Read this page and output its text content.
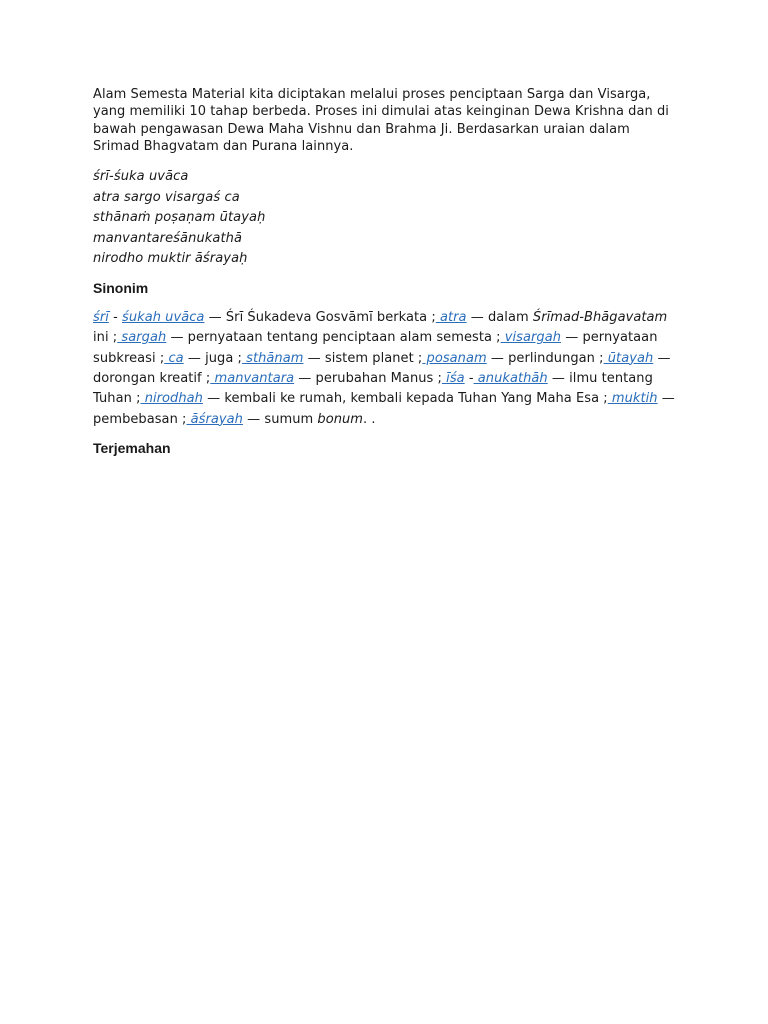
Alam Semesta Material kita diciptakan melalui proses penciptaan Sarga dan Visarga, yang memiliki 10 tahap berbeda. Proses ini dimulai atas keinginan Dewa Krishna dan di bawah pengawasan Dewa Maha Vishnu dan Brahma Ji. Berdasarkan uraian dalam Srimad Bhagvatam dan Purana lainnya.

śrī-śuka uvāca
atra sargo visargaś ca
sthānaṁ poṣaṇam ūtayaḥ
manvantareśānukathā
nirodho muktir āśrayaḥ
Sinonim

śrī - śukah uvāca — Śrī Śukadeva Gosvāmī berkata ; atra — dalam Śrīmad-Bhāgavatam ini ; sargah — pernyataan tentang penciptaan alam semesta ; visargah — pernyataan subkreasi ; ca — juga ; sthānam — sistem planet ; posanam — perlindungan ; ūtayah — dorongan kreatif ; manvantara — perubahan Manus ; īśa - anukathāh — ilmu tentang Tuhan ; nirodhah — kembali ke rumah, kembali kepada Tuhan Yang Maha Esa ; muktih — pembebasan ; āśrayah — sumum bonum. .

Terjemahan
